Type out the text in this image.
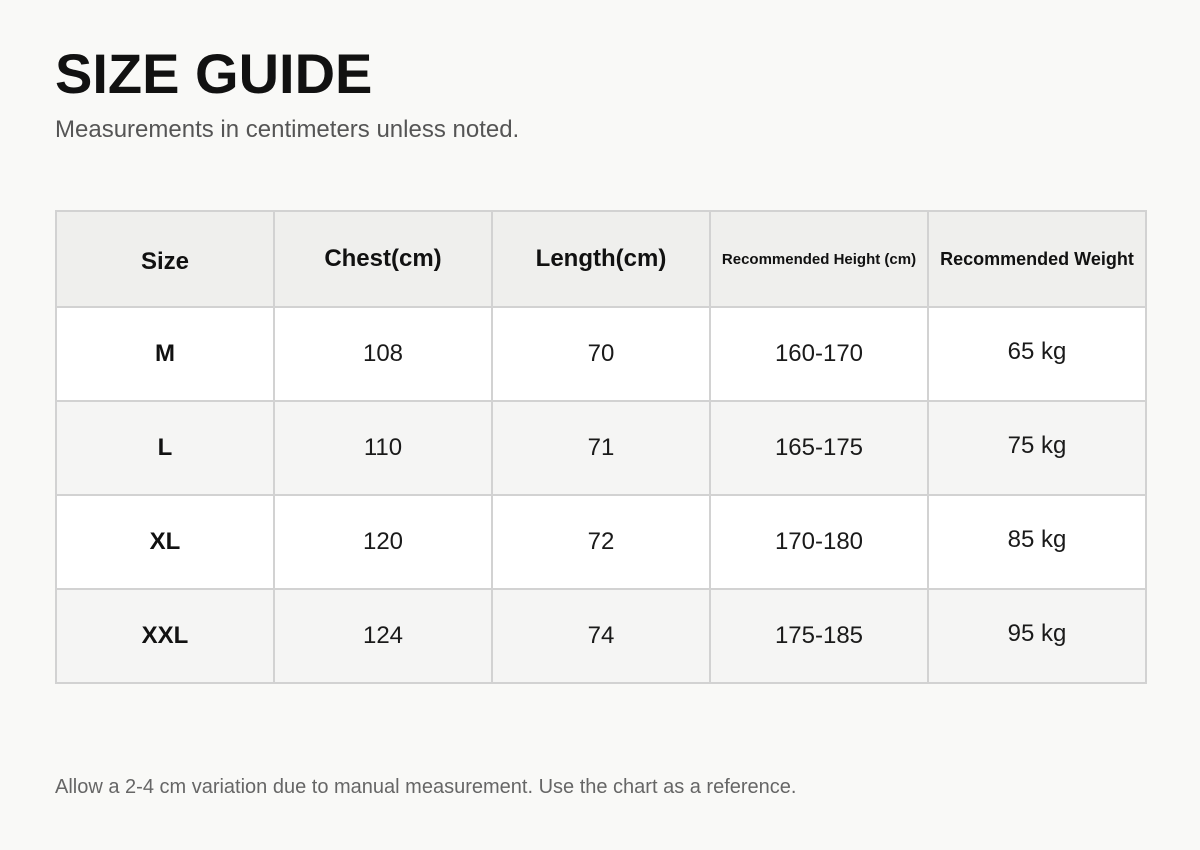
SIZE GUIDE

Measurements in centimeters unless noted.

Size	Chest(cm)	Length(cm)	Recommended Height (cm)	Recommended Weight
M	108	70	160-170	65 kg
L	110	71	165-175	75 kg
XL	120	72	170-180	85 kg
XXL	124	74	175-185	95 kg

Allow a 2-4 cm variation due to manual measurement. Use the chart as a reference.
